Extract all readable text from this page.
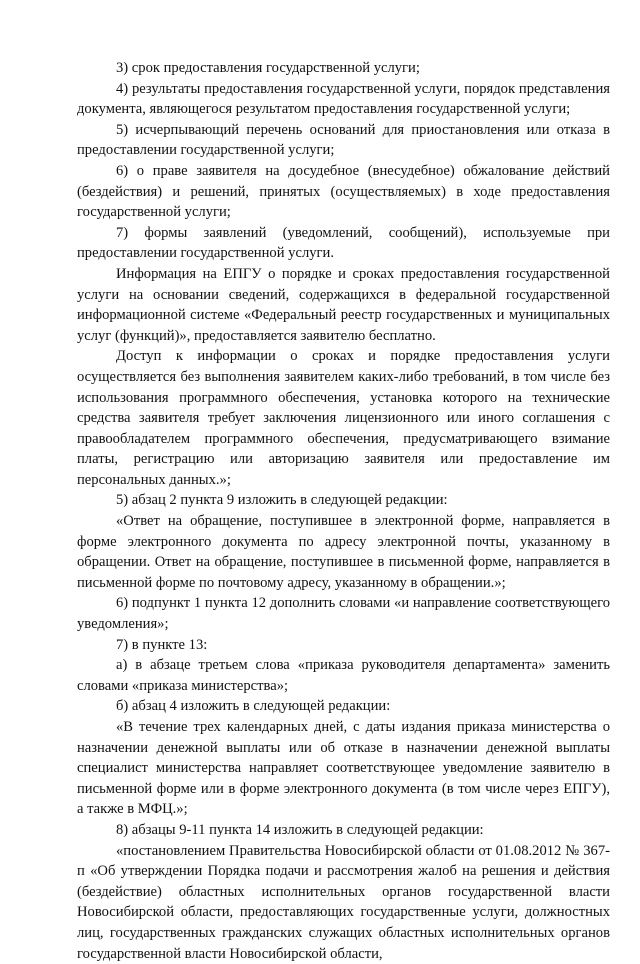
3) срок предоставления государственной услуги;

4) результаты предоставления государственной услуги, порядок представления документа, являющегося результатом предоставления государственной услуги;

5) исчерпывающий перечень оснований для приостановления или отказа в предоставлении государственной услуги;

6) о праве заявителя на досудебное (внесудебное) обжалование действий (бездействия) и решений, принятых (осуществляемых) в ходе предоставления государственной услуги;

7) формы заявлений (уведомлений, сообщений), используемые при предоставлении государственной услуги.

Информация на ЕПГУ о порядке и сроках предоставления государственной услуги на основании сведений, содержащихся в федеральной государственной информационной системе «Федеральный реестр государственных и муниципальных услуг (функций)», предоставляется заявителю бесплатно.

Доступ к информации о сроках и порядке предоставления услуги осуществляется без выполнения заявителем каких-либо требований, в том числе без использования программного обеспечения, установка которого на технические средства заявителя требует заключения лицензионного или иного соглашения с правообладателем программного обеспечения, предусматривающего взимание платы, регистрацию или авторизацию заявителя или предоставление им персональных данных.»;

5) абзац 2 пункта 9 изложить в следующей редакции:

«Ответ на обращение, поступившее в электронной форме, направляется в форме электронного документа по адресу электронной почты, указанному в обращении. Ответ на обращение, поступившее в письменной форме, направляется в письменной форме по почтовому адресу, указанному в обращении.»;

6) подпункт 1 пункта 12 дополнить словами «и направление соответствующего уведомления»;

7) в пункте 13:

а) в абзаце третьем слова «приказа руководителя департамента» заменить словами «приказа министерства»;

б) абзац 4 изложить в следующей редакции:

«В течение трех календарных дней, с даты издания приказа министерства о назначении денежной выплаты или об отказе в назначении денежной выплаты специалист министерства направляет соответствующее уведомление заявителю в письменной форме или в форме электронного документа (в том числе через ЕПГУ), а также в МФЦ.»;

8) абзацы 9-11 пункта 14 изложить в следующей редакции:

«постановлением Правительства Новосибирской области от 01.08.2012 № 367-п «Об утверждении Порядка подачи и рассмотрения жалоб на решения и действия (бездействие) областных исполнительных органов государственной власти Новосибирской области, предоставляющих государственные услуги, должностных лиц, государственных гражданских служащих областных исполнительных органов государственной власти Новосибирской области,
